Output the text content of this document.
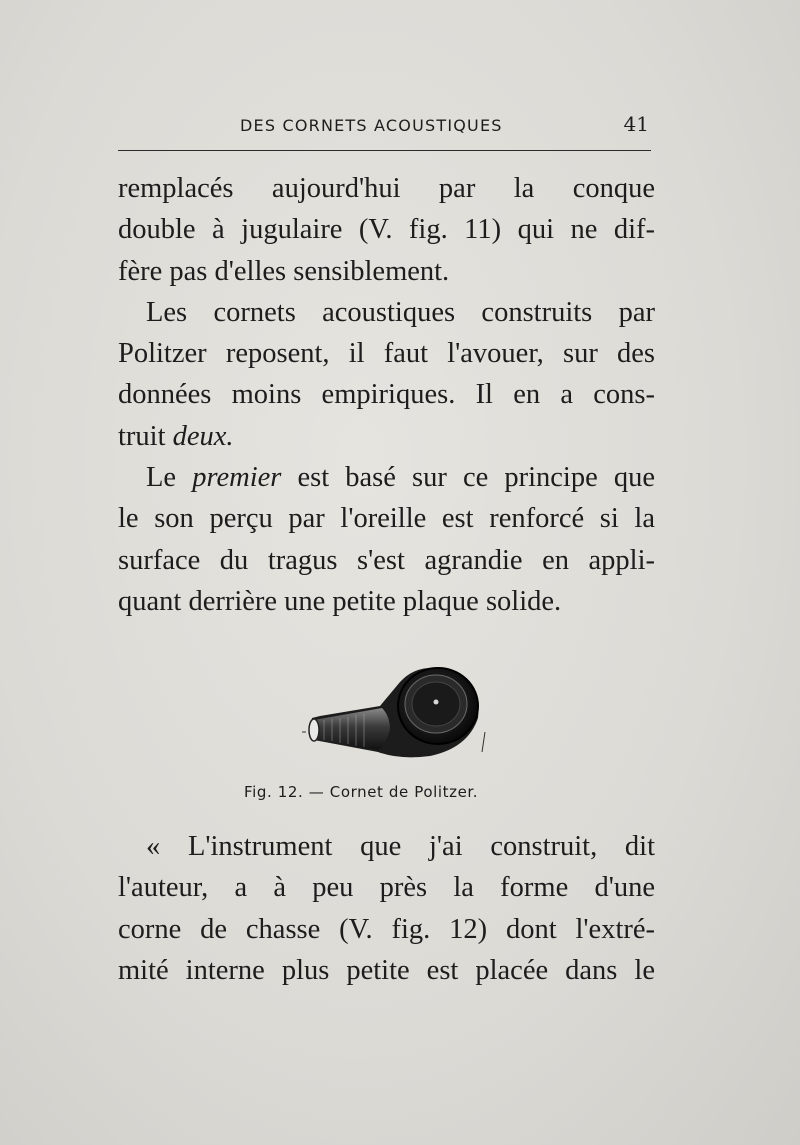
DES CORNETS ACOUSTIQUES	41

remplacés aujourd'hui par la conque
double à jugulaire (V. fig. 11) qui ne dif-
fère pas d'elles sensiblement.

Les cornets acoustiques construits par
Politzer reposent, il faut l'avouer, sur des
données moins empiriques. Il en a cons-
truit deux.

Le premier est basé sur ce principe que
le son perçu par l'oreille est renforcé si la
surface du tragus s'est agrandie en appli-
quant derrière une petite plaque solide.

Fig. 12. — Cornet de Politzer.

« L'instrument que j'ai construit, dit
l'auteur, a à peu près la forme d'une
corne de chasse (V. fig. 12) dont l'extré-
mité interne plus petite est placée dans le
